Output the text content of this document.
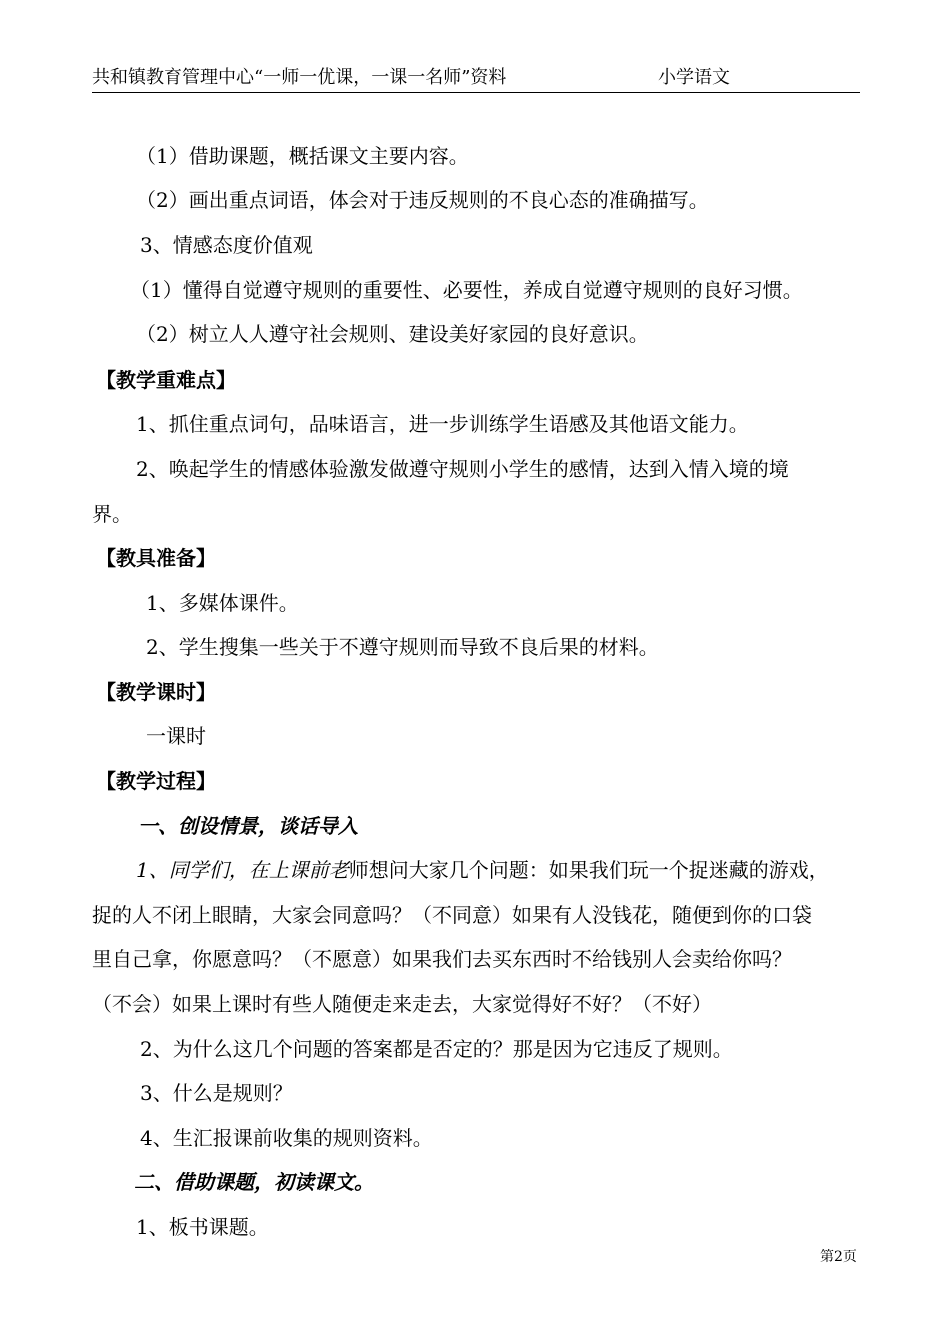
共和镇教育管理中心“一师一优课，一课一名师”资料	小学语文
（1）借助课题，概括课文主要内容。
（2）画出重点词语，体会对于违反规则的不良心态的准确描写。
3、情感态度价值观
（1）懂得自觉遵守规则的重要性、必要性，养成自觉遵守规则的良好习惯。
（2）树立人人遵守社会规则、建设美好家园的良好意识。
【教学重难点】
1、抓住重点词句，品味语言，进一步训练学生语感及其他语文能力。
2、唤起学生的情感体验激发做遵守规则小学生的感情，达到入情入境的境
界。
【教具准备】
1、多媒体课件。
2、学生搜集一些关于不遵守规则而导致不良后果的材料。
【教学课时】
一课时
【教学过程】
一、创设情景，谈话导入
1、同学们，在上课前老师想问大家几个问题：如果我们玩一个捉迷藏的游戏，
捉的人不闭上眼睛，大家会同意吗？（不同意）如果有人没钱花，随便到你的口袋
里自己拿，你愿意吗？（不愿意）如果我们去买东西时不给钱别人会卖给你吗？
（不会）如果上课时有些人随便走来走去，大家觉得好不好？（不好）
2、为什么这几个问题的答案都是否定的？那是因为它违反了规则。
3、什么是规则？
4、生汇报课前收集的规则资料。
二、借助课题，初读课文。
1、板书课题。
第2页
